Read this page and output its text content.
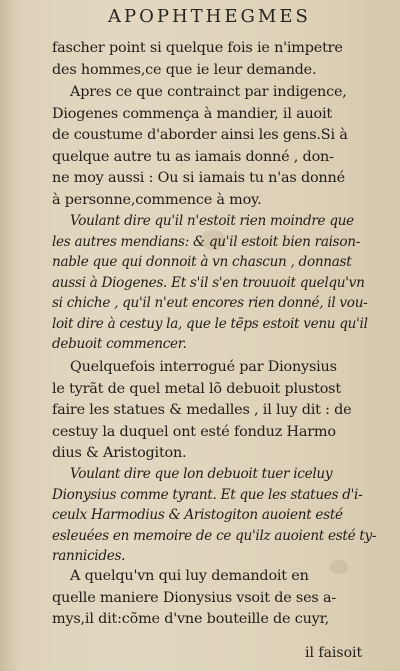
APOPHTHEGMES
fascher point si quelque fois ie n'impetre
des hommes,ce que ie leur demande.
Apres ce que contrainct par indigence,
Diogenes commença à mandier, il auoit
de coustume d'aborder ainsi les gens.Si à
quelque autre tu as iamais donné , don-
ne moy aussi : Ou si iamais tu n'as donné
à personne,commence à moy.
Voulant dire qu'il n'estoit rien moindre que
les autres mendians: & qu'il estoit bien raison-
nable que qui donnoit à vn chascun , donnast
aussi à Diogenes. Et s'il s'en trouuoit quelqu'vn
si chiche , qu'il n'eut encores rien donné, il vou-
loit dire à cestuy la, que le tẽps estoit venu qu'il
debuoit commencer.
Quelquefois interrogué par Dionysius
le tyrãt de quel metal lõ debuoit plustost
faire les statues & medalles , il luy dit : de
cestuy la duquel ont esté fonduz Harmo
dius & Aristogiton.
Voulant dire que lon debuoit tuer iceluy
Dionysius comme tyrant. Et que les statues d'i-
ceulx Harmodius & Aristogiton auoient esté
esleuées en memoire de ce qu'ilz auoient esté ty-
rannicides.
A quelqu'vn qui luy demandoit en
quelle maniere Dionysius vsoit de ses a-
mys,il dit:cõme d'vne bouteille de cuyr,
il faisoit
